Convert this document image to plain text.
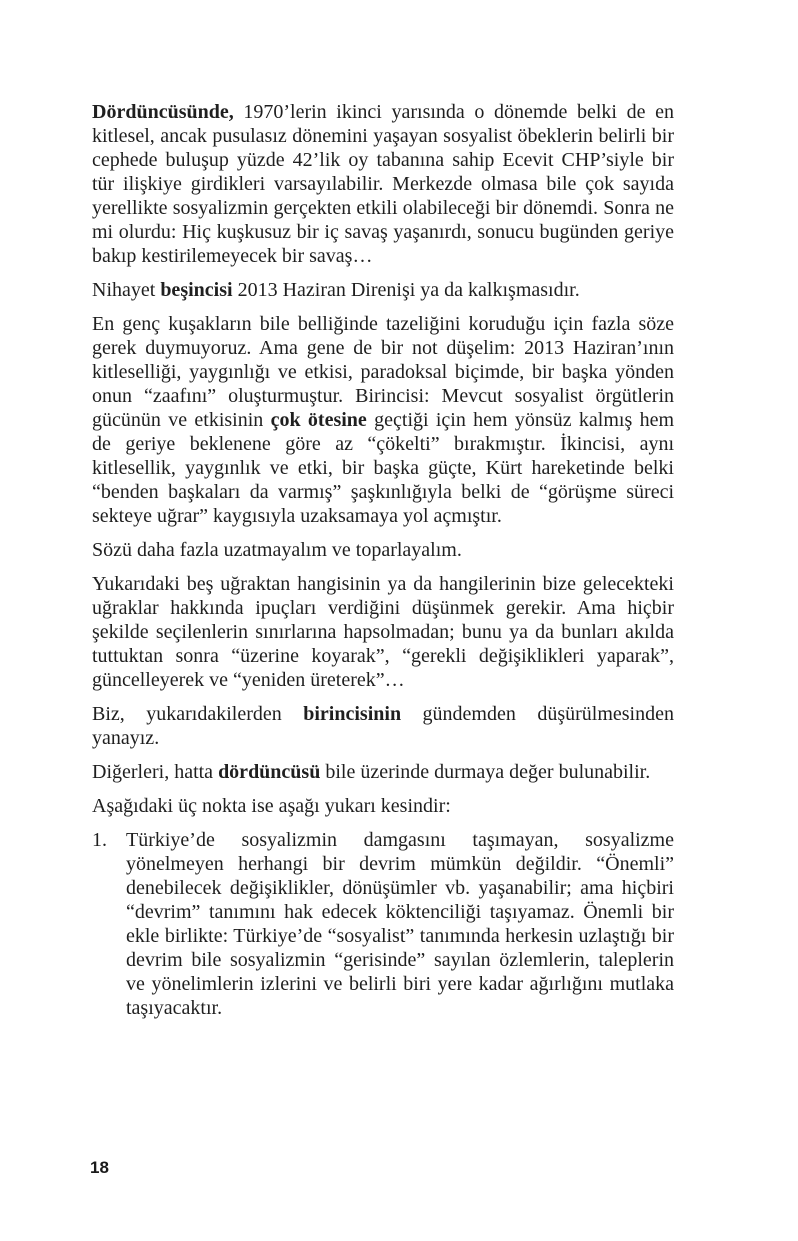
Dördüncüsünde, 1970’lerin ikinci yarısında o dönemde belki de en kitlesel, ancak pusulasız dönemini yaşayan sosyalist öbeklerin belirli bir cephede buluşup yüzde 42’lik oy tabanına sahip Ecevit CHP’siyle bir tür ilişkiye girdikleri varsayılabilir. Merkezde olmasa bile çok sayıda yerellikte sosyalizmin gerçekten etkili olabileceği bir dönemdi. Sonra ne mi olurdu: Hiç kuşkusuz bir iç savaş yaşanırdı, sonucu bugünden geriye bakıp kestirilemeyecek bir savaş…

Nihayet beşincisi 2013 Haziran Direnişi ya da kalkışmasıdır.

En genç kuşakların bile belliğinde tazeliğini koruduğu için fazla söze gerek duymuyoruz. Ama gene de bir not düşelim: 2013 Haziran’ının kitleselliği, yaygınlığı ve etkisi, paradoksal biçimde, bir başka yönden onun “zaafını” oluşturmuştur. Birincisi: Mevcut sosyalist örgütlerin gücünün ve etkisinin çok ötesine geçtiği için hem yönsüz kalmış hem de geriye beklenene göre az “çökelti” bırakmıştır. İkincisi, aynı kitlesellik, yaygınlık ve etki, bir başka güçte, Kürt hareketinde belki “benden başkaları da varmış” şaşkınlığıyla belki de “görüşme süreci sekteye uğrar” kaygısıyla uzaksamaya yol açmıştır.

Sözü daha fazla uzatmayalım ve toparlayalım.

Yukarıdaki beş uğraktan hangisinin ya da hangilerinin bize gelecekteki uğraklar hakkında ipuçları verdiğini düşünmek gerekir. Ama hiçbir şekilde seçilenlerin sınırlarına hapsolmadan; bunu ya da bunları akılda tuttuktan sonra “üzerine koyarak”, “gerekli değişiklikleri yaparak”, güncelleyerek ve “yeniden üreterek”…

Biz, yukarıdakilerden birincisinin gündemden düşürülmesinden yanayız.

Diğerleri, hatta dördüncüsü bile üzerinde durmaya değer bulunabilir.

Aşağıdaki üç nokta ise aşağı yukarı kesindir:

1. Türkiye’de sosyalizmin damgasını taşımayan, sosyalizme yönelmeyen herhangi bir devrim mümkün değildir. “Önemli” denebilecek değişiklikler, dönüşümler vb. yaşanabilir; ama hiçbiri “devrim” tanımını hak edecek köktenciliği taşıyamaz. Önemli bir ekle birlikte: Türkiye’de “sosyalist” tanımında herkesin uzlaştığı bir devrim bile sosyalizmin “gerisinde” sayılan özlemlerin, taleplerin ve yönelimlerin izlerini ve belirli biri yere kadar ağırlığını mutlaka taşıyacaktır.
18
